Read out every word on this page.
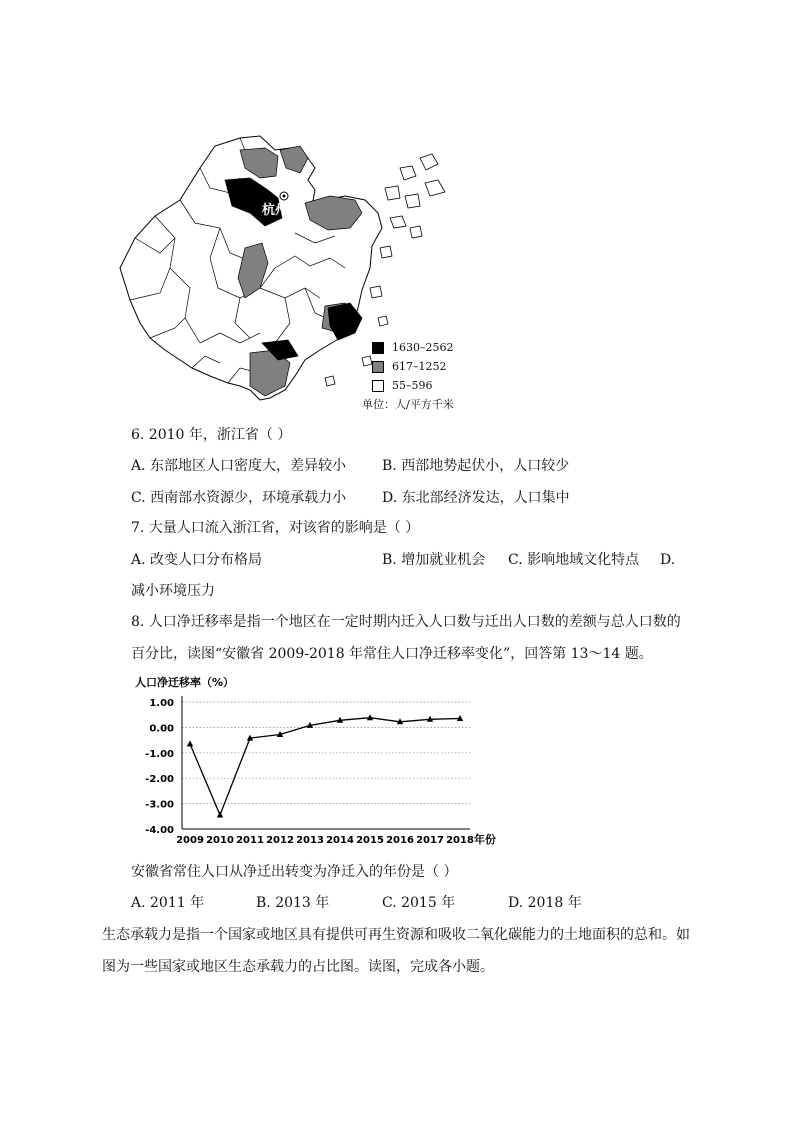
杭州
1630–2562
617–1252
55–596
单位：人/平方千米
6. 2010 年，浙江省（ ）
A. 东部地区人口密度大，差异较小	B. 西部地势起伏小，人口较少
C. 西南部水资源少，环境承载力小	D. 东北部经济发达，人口集中
7. 大量人口流入浙江省，对该省的影响是（ ）
A. 改变人口分布格局	B. 增加就业机会 C. 影响地域文化特点 D.
减小环境压力
8. 人口净迁移率是指一个地区在一定时期内迁入人口数与迁出人口数的差额与总人口数的
百分比，读图“安徽省 2009-2018 年常住人口净迁移率变化”，回答第 13～14 题。
人口净迁移率（%）
1.00
0.00
-1.00
-2.00
-3.00
-4.00
2009 2010 2011 2012 2013 2014 2015 2016 2017 2018 年份
安徽省常住人口从净迁出转变为净迁入的年份是（ ）
A. 2011 年	B. 2013 年	C. 2015 年	D. 2018 年
生态承载力是指一个国家或地区具有提供可再生资源和吸收二氧化碳能力的土地面积的总和。如
图为一些国家或地区生态承载力的占比图。读图，完成各小题。
